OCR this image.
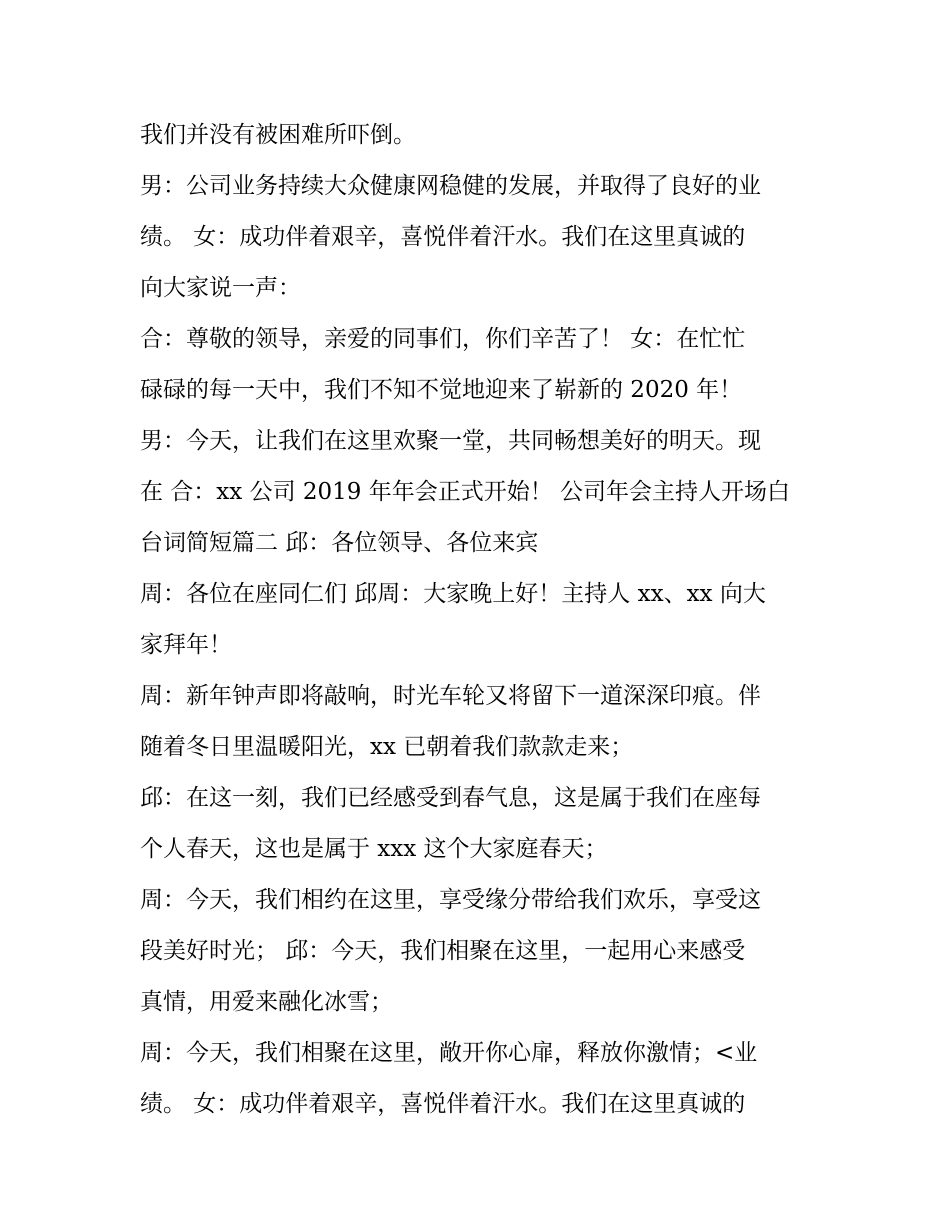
我们并没有被困难所吓倒。
男：公司业务持续大众健康网稳健的发展，并取得了良好的业
绩。 女：成功伴着艰辛，喜悦伴着汗水。我们在这里真诚的
向大家说一声：
合：尊敬的领导，亲爱的同事们，你们辛苦了！ 女：在忙忙
碌碌的每一天中，我们不知不觉地迎来了崭新的 2020 年！
男：今天，让我们在这里欢聚一堂，共同畅想美好的明天。现
在 合：xx 公司 2019 年年会正式开始！ 公司年会主持人开场白
台词简短篇二 邱：各位领导、各位来宾
周：各位在座同仁们 邱周：大家晚上好！主持人 xx、xx 向大
家拜年！
周：新年钟声即将敲响，时光车轮又将留下一道深深印痕。伴
随着冬日里温暖阳光，xx 已朝着我们款款走来；
邱：在这一刻，我们已经感受到春气息，这是属于我们在座每
个人春天，这也是属于 xxx 这个大家庭春天；
周：今天，我们相约在这里，享受缘分带给我们欢乐，享受这
段美好时光； 邱：今天，我们相聚在这里，一起用心来感受
真情，用爱来融化冰雪；
周：今天，我们相聚在这里，敞开你心扉，释放你激情；<业
绩。 女：成功伴着艰辛，喜悦伴着汗水。我们在这里真诚的
